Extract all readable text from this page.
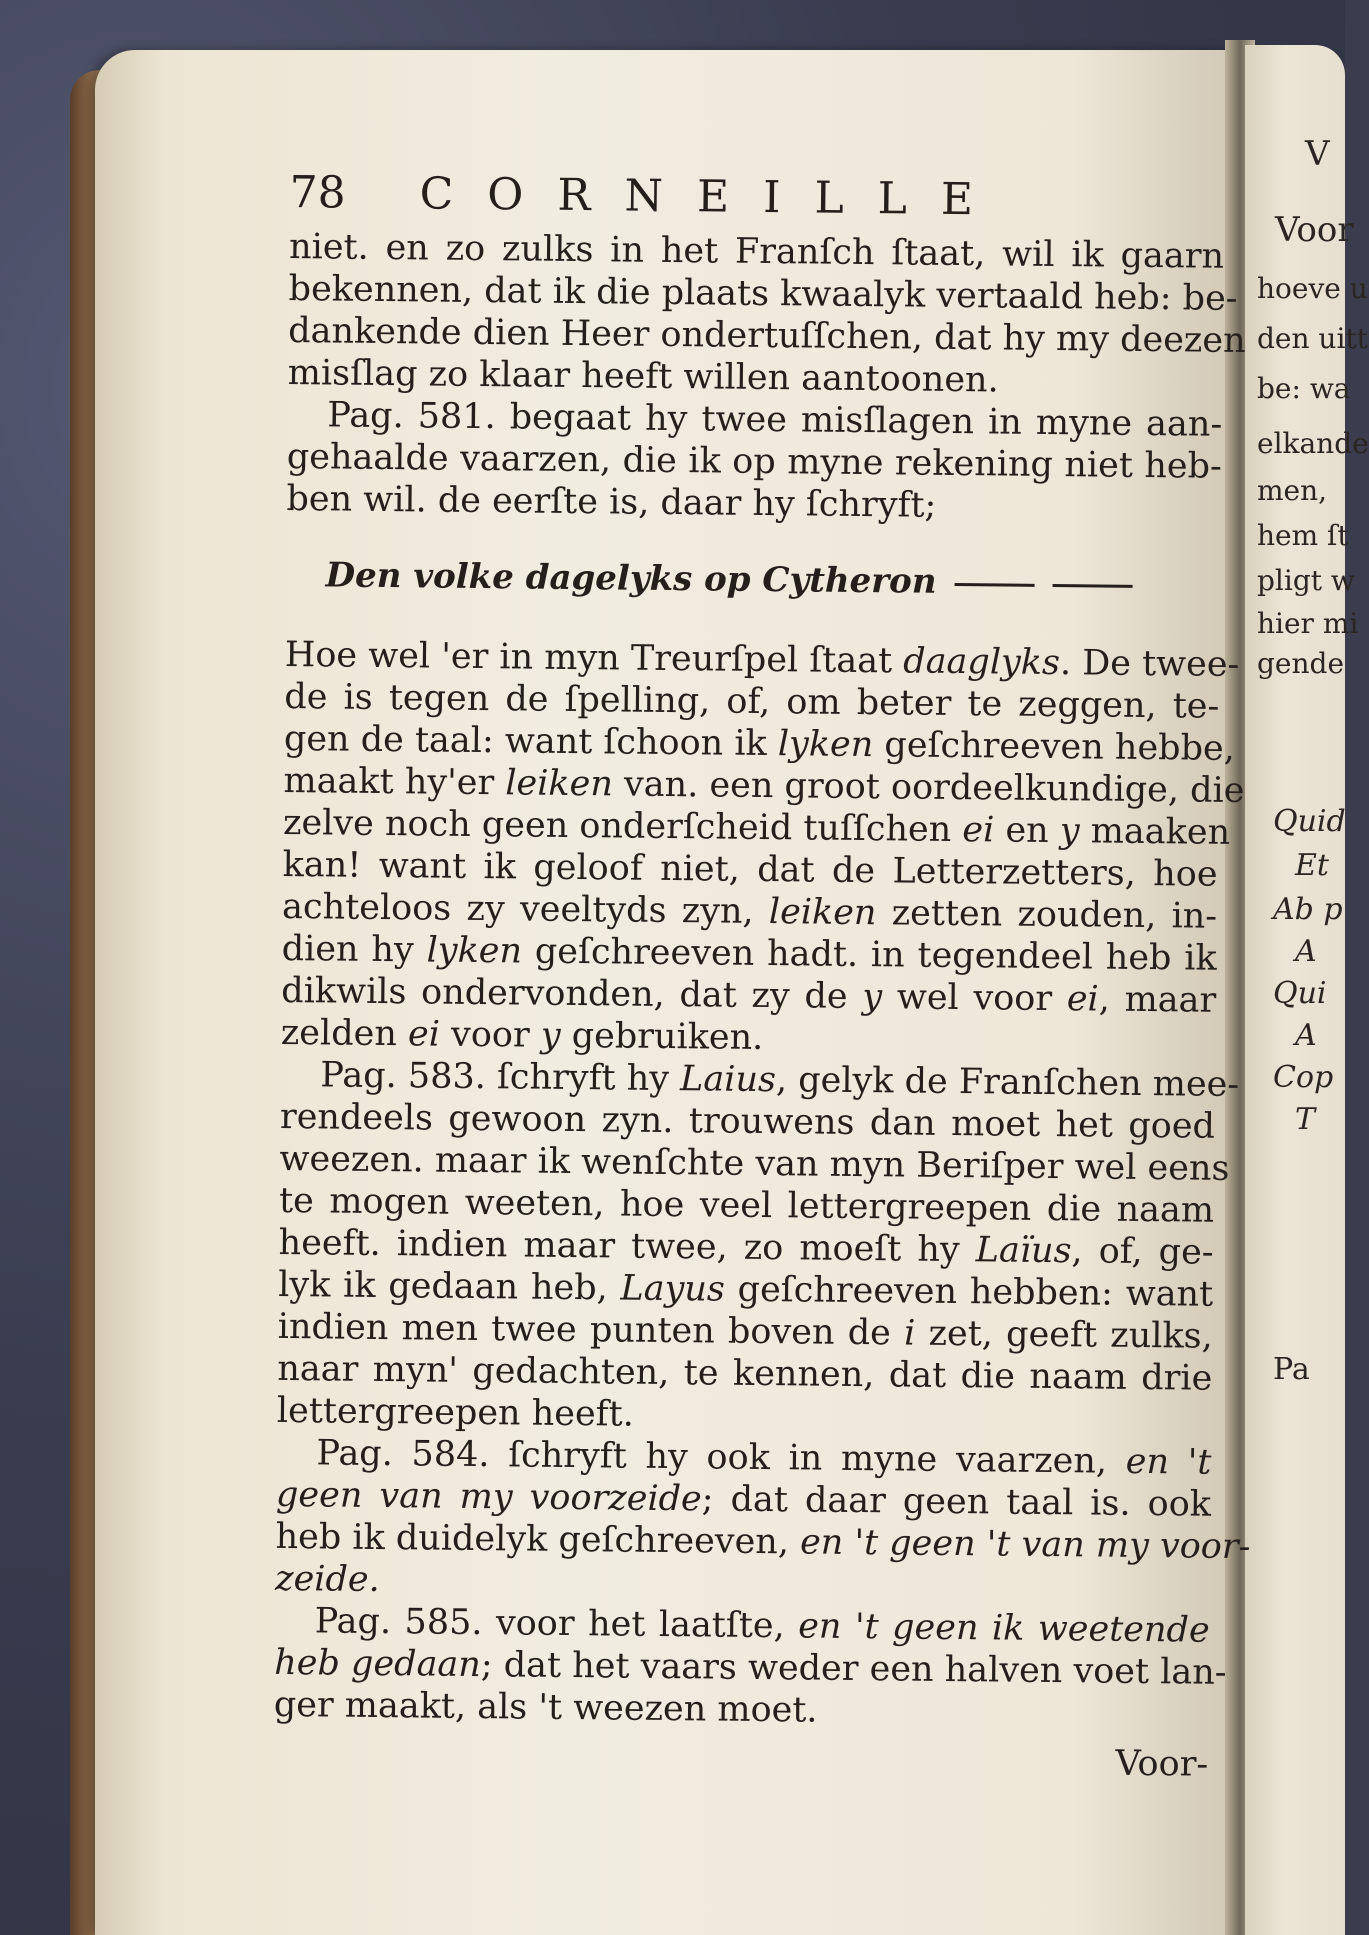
V
Voor
hoeve u
den uitt
be: wa
elkande
men,
hem ſt
pligt w
hier mi
gende
Quid
Et
Ab p
A
Qui
A
Cop
T
Pa
78 CORNEILLE
niet. en zo zulks in het Franſch ſtaat, wil ik gaarn
bekennen, dat ik die plaats kwaalyk vertaald heb: be-
dankende dien Heer ondertuſſchen, dat hy my deezen
misſlag zo klaar heeft willen aantoonen.
Pag. 581. begaat hy twee misſlagen in myne aan-
gehaalde vaarzen, die ik op myne rekening niet heb-
ben wil. de eerſte is, daar hy ſchryft;
Den volke dagelyks op Cytheron
Hoe wel 'er in myn Treurſpel ſtaat daaglyks. De twee-
de is tegen de ſpelling, of, om beter te zeggen, te-
gen de taal: want ſchoon ik lyken geſchreeven hebbe,
maakt hy'er leiken van. een groot oordeelkundige, die
zelve noch geen onderſcheid tuſſchen ei en y maaken
kan! want ik geloof niet, dat de Letterzetters, hoe
achteloos zy veeltyds zyn, leiken zetten zouden, in-
dien hy lyken geſchreeven hadt. in tegendeel heb ik
dikwils ondervonden, dat zy de y wel voor ei, maar
zelden ei voor y gebruiken.
Pag. 583. ſchryft hy Laius, gelyk de Franſchen mee-
rendeels gewoon zyn. trouwens dan moet het goed
weezen. maar ik wenſchte van myn Beriſper wel eens
te mogen weeten, hoe veel lettergreepen die naam
heeft. indien maar twee, zo moeſt hy Laïus, of, ge-
lyk ik gedaan heb, Layus geſchreeven hebben: want
indien men twee punten boven de i zet, geeft zulks,
naar myn' gedachten, te kennen, dat die naam drie
lettergreepen heeft.
Pag. 584. ſchryft hy ook in myne vaarzen, en 't
geen van my voorzeide; dat daar geen taal is. ook
heb ik duidelyk geſchreeven, en 't geen 't van my voor-
zeide.
Pag. 585. voor het laatſte, en 't geen ik weetende
heb gedaan; dat het vaars weder een halven voet lan-
ger maakt, als 't weezen moet.
Voor-
